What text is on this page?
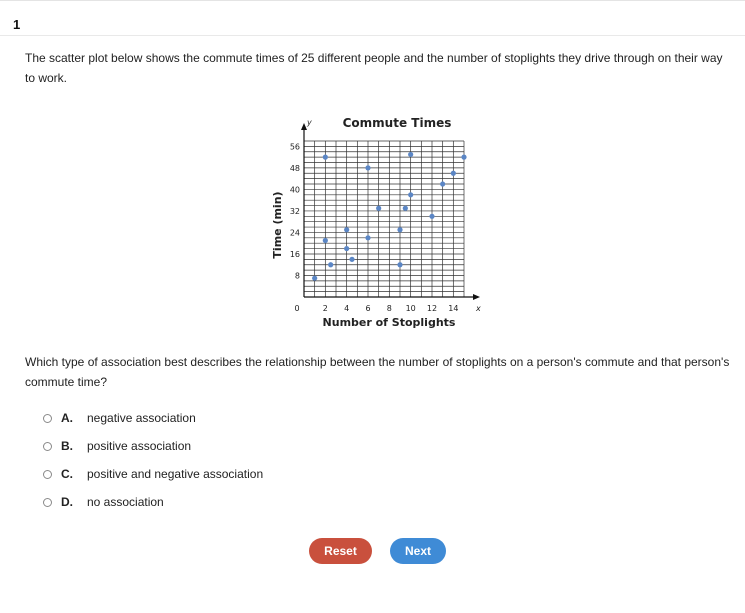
1
The scatter plot below shows the commute times of 25 different people and the number of stoplights they drive through on their way to work.
2 4 6 8 10 12 14
8
16
24
32
40
48
56
Commute Times
Number of Stoplights
Time (min)
y
x
0
Which type of association best describes the relationship between the number of stoplights on a person's commute and that person's commute time?
A.	negative association
B.	positive association
C.	positive and negative association
D.	no association
Reset	Next
